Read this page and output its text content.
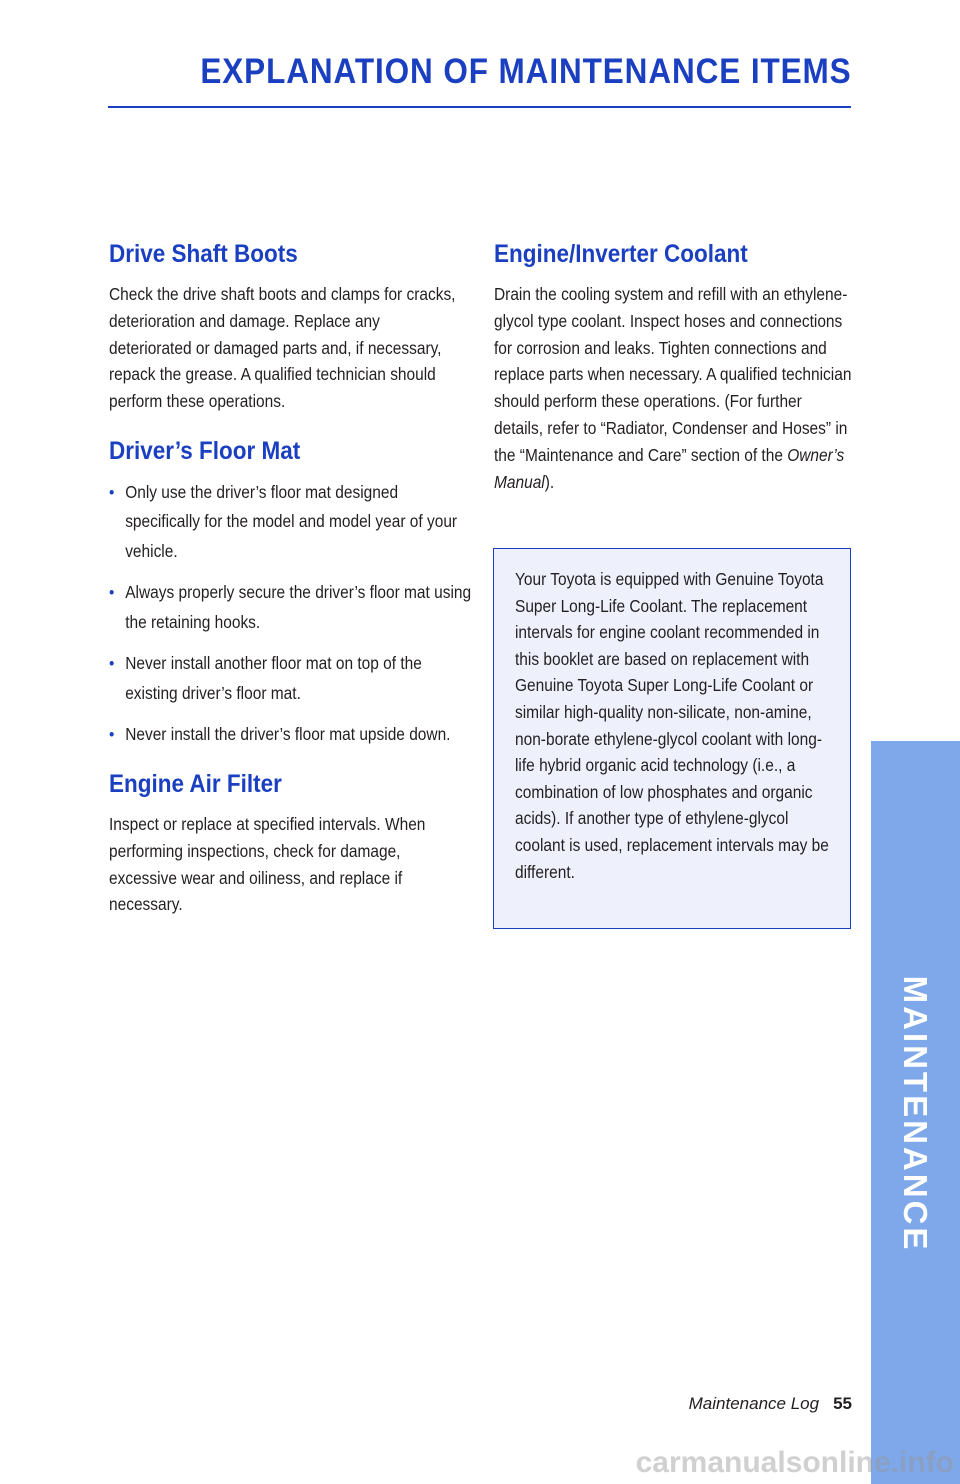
EXPLANATION OF MAINTENANCE ITEMS
Drive Shaft Boots

Check the drive shaft boots and clamps for cracks, deterioration and damage. Replace any deteriorated or damaged parts and, if necessary, repack the grease. A qualified technician should perform these operations.

Driver’s Floor Mat
• Only use the driver’s floor mat designed specifically for the model and model year of your vehicle.
• Always properly secure the driver’s floor mat using the retaining hooks.
• Never install another floor mat on top of the existing driver’s floor mat.
• Never install the driver’s floor mat upside down.
Engine Air Filter

Inspect or replace at specified intervals. When performing inspections, check for damage, excessive wear and oiliness, and replace if necessary.

Engine/Inverter Coolant

Drain the cooling system and refill with an ethylene-glycol type coolant. Inspect hoses and connections for corrosion and leaks. Tighten connections and replace parts when necessary. A qualified technician should perform these operations. (For further details, refer to “Radiator, Condenser and Hoses” in the “Maintenance and Care” section of the Owner’s Manual).

Your Toyota is equipped with Genuine Toyota Super Long-Life Coolant. The replacement intervals for engine coolant recommended in this booklet are based on replacement with Genuine Toyota Super Long-Life Coolant or similar high-quality non-silicate, non-amine, non-borate ethylene-glycol coolant with long-life hybrid organic acid technology (i.e., a combination of low phosphates and organic acids). If another type of ethylene-glycol coolant is used, replacement intervals may be different.

MAINTENANCE
Maintenance Log 55
carmanualsonline.info
